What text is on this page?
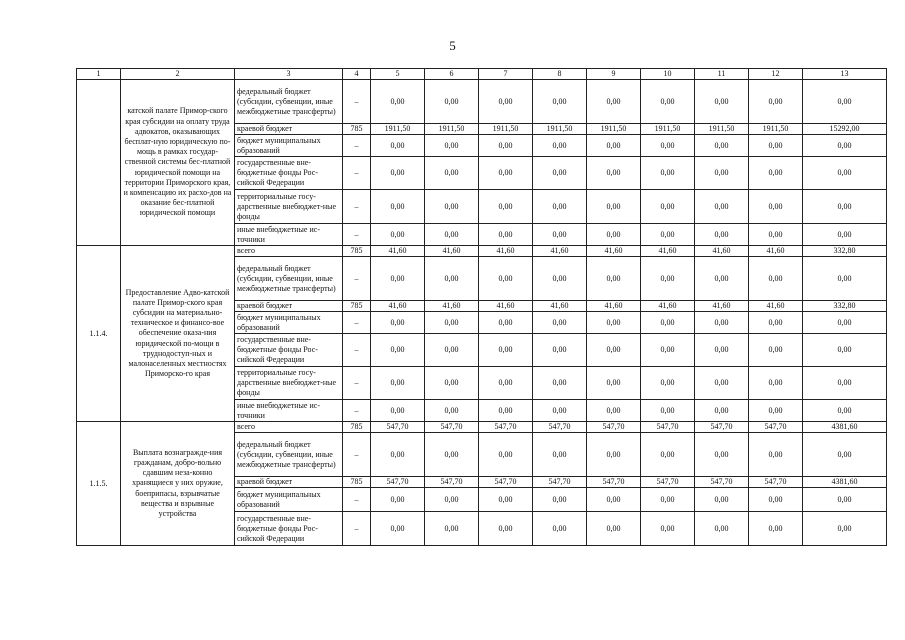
5
1	2	3	4	5	6	7	8	9	10	11	12	13
	катской палате Примор-ского края субсидии на оплату труда адвокатов, оказывающих бесплат-ную юридическую по-мощь в рамках государ-ственной системы бес-платной юридической помощи на территории Приморского края, и компенсацию их расхо-дов на оказание бес-платной юридической помощи	федеральный бюджет (субсидии, субвенции, иные межбюджетные трансферты)	–	0,00	0,00	0,00	0,00	0,00	0,00	0,00	0,00	0,00
		краевой бюджет	785	1911,50	1911,50	1911,50	1911,50	1911,50	1911,50	1911,50	1911,50	15292,00
		бюджет муниципальных образований	–	0,00	0,00	0,00	0,00	0,00	0,00	0,00	0,00	0,00
		государственные вне-бюджетные фонды Рос-сийской Федерации	–	0,00	0,00	0,00	0,00	0,00	0,00	0,00	0,00	0,00
		территориальные госу-дарственные внебюджет-ные фонды	–	0,00	0,00	0,00	0,00	0,00	0,00	0,00	0,00	0,00
		иные внебюджетные ис-точники	–	0,00	0,00	0,00	0,00	0,00	0,00	0,00	0,00	0,00
1.1.4.	Предоставление Адво-катской палате Примор-ского края субсидии на материально-техническое и финансо-вое обеспечение оказа-ния юридической по-мощи в труднодоступ-ных и малонаселенных местностях Приморско-го края	всего	785	41,60	41,60	41,60	41,60	41,60	41,60	41,60	41,60	332,80
		федеральный бюджет (субсидии, субвенции, иные межбюджетные трансферты)	–	0,00	0,00	0,00	0,00	0,00	0,00	0,00	0,00	0,00
		краевой бюджет	785	41,60	41,60	41,60	41,60	41,60	41,60	41,60	41,60	332,80
		бюджет муниципальных образований	–	0,00	0,00	0,00	0,00	0,00	0,00	0,00	0,00	0,00
		государственные вне-бюджетные фонды Рос-сийской Федерации	–	0,00	0,00	0,00	0,00	0,00	0,00	0,00	0,00	0,00
		территориальные госу-дарственные внебюджет-ные фонды	–	0,00	0,00	0,00	0,00	0,00	0,00	0,00	0,00	0,00
		иные внебюджетные ис-точники	–	0,00	0,00	0,00	0,00	0,00	0,00	0,00	0,00	0,00
1.1.5.	Выплата вознагражде-ния гражданам, добро-вольно сдавшим неза-конно хранящиеся у них оружие, боеприпасы, взрывчатые вещества и взрывные устройства	всего	785	547,70	547,70	547,70	547,70	547,70	547,70	547,70	547,70	4381,60
		федеральный бюджет (субсидии, субвенции, иные межбюджетные трансферты)	–	0,00	0,00	0,00	0,00	0,00	0,00	0,00	0,00	0,00
		краевой бюджет	785	547,70	547,70	547,70	547,70	547,70	547,70	547,70	547,70	4381,60
		бюджет муниципальных образований	–	0,00	0,00	0,00	0,00	0,00	0,00	0,00	0,00	0,00
		государственные вне-бюджетные фонды Рос-сийской Федерации	–	0,00	0,00	0,00	0,00	0,00	0,00	0,00	0,00	0,00
